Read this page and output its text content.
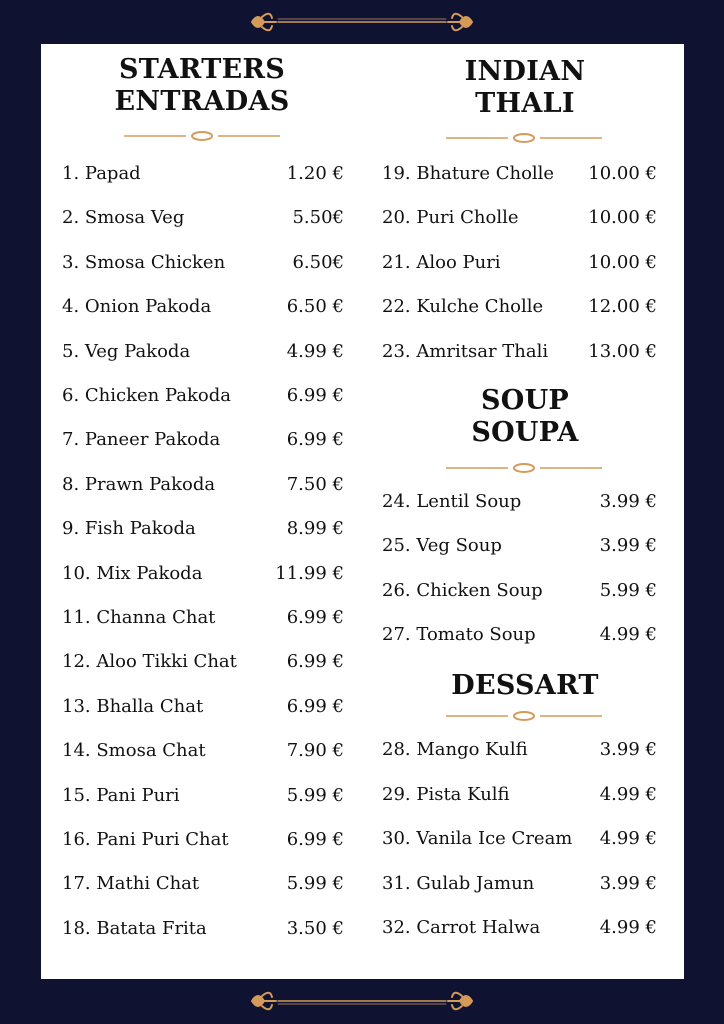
STARTERS
ENTRADAS
INDIAN
THALI
SOUP
SOUPA
DESSART
1. Papad	1.20 €
2. Smosa Veg	5.50€
3. Smosa Chicken	6.50€
4. Onion Pakoda	6.50 €
5. Veg Pakoda	4.99 €
6. Chicken Pakoda	6.99 €
7. Paneer Pakoda	6.99 €
8. Prawn Pakoda	7.50 €
9. Fish Pakoda	8.99 €
10. Mix Pakoda	11.99 €
11. Channa Chat	6.99 €
12. Aloo Tikki Chat	6.99 €
13. Bhalla Chat	6.99 €
14. Smosa Chat	7.90 €
15. Pani Puri	5.99 €
16. Pani Puri Chat	6.99 €
17. Mathi Chat	5.99 €
18. Batata Frita	3.50 €
19. Bhature Cholle 10.00 €
20. Puri Cholle	10.00 €
21. Aloo Puri	10.00 €
22. Kulche Cholle	12.00 €
23. Amritsar Thali 13.00 €
24. Lentil Soup	3.99 €
25. Veg Soup	3.99 €
26. Chicken Soup	5.99 €
27. Tomato Soup	4.99 €
28. Mango Kulfi	3.99 €
29. Pista Kulfi	4.99 €
30. Vanila Ice Cream 4.99 €
31. Gulab Jamun	3.99 €
32. Carrot Halwa	4.99 €
